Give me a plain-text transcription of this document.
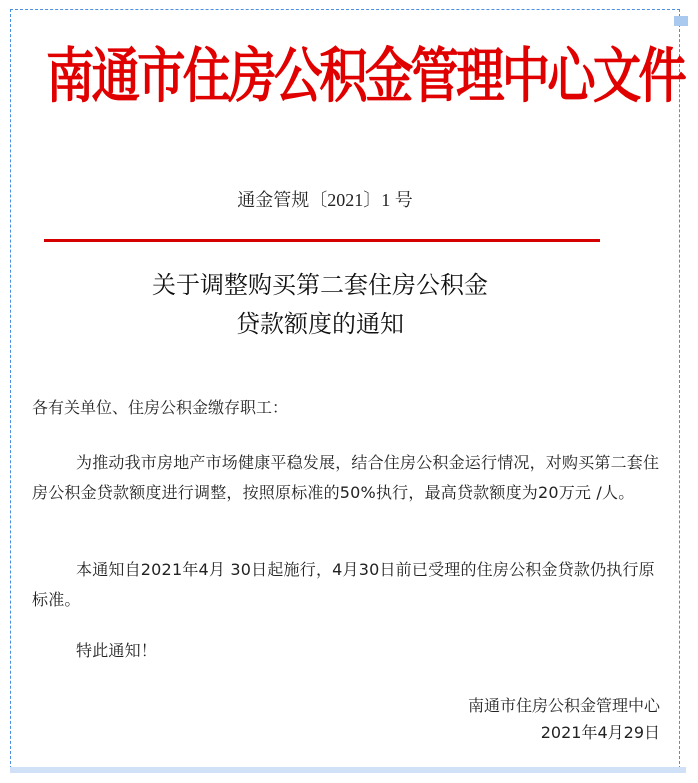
南通市住房公积金管理中心文件
通金管规〔2021〕1 号
关于调整购买第二套住房公积金
贷款额度的通知
各有关单位、住房公积金缴存职工：
为推动我市房地产市场健康平稳发展，结合住房公积金运行情况，对购买第二套住房公积金贷款额度进行调整，按照原标准的50%执行，最高贷款额度为20万元 /人。
本通知自2021年4月 30日起施行，4月30日前已受理的住房公积金贷款仍执行原标准。
特此通知！
南通市住房公积金管理中心
2021年4月29日
